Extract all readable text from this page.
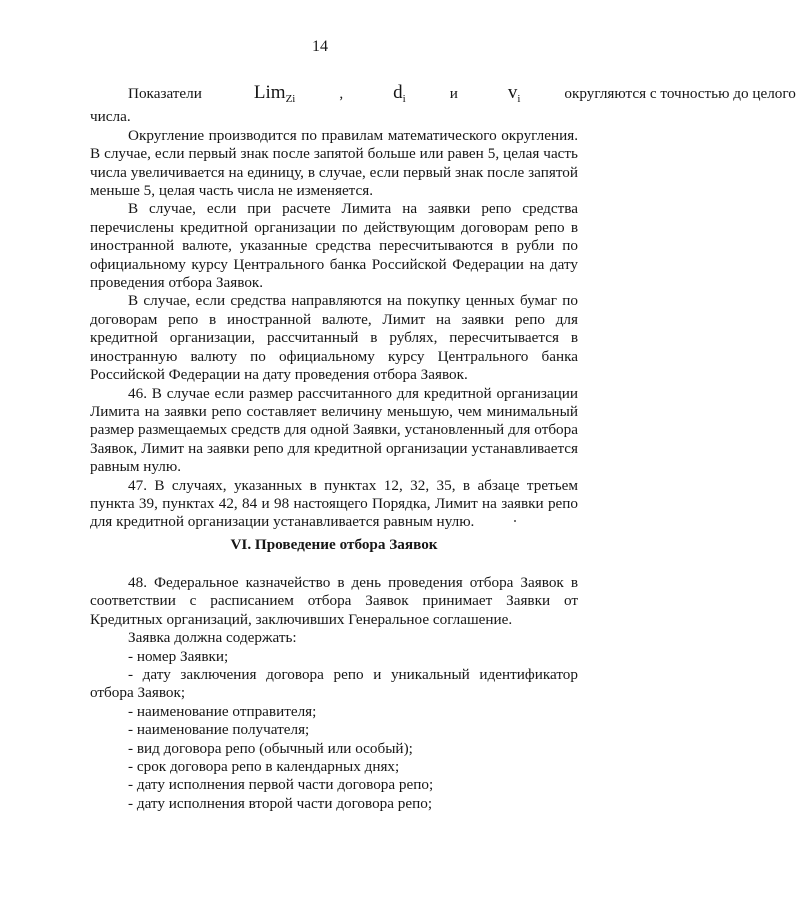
14

Показатели	Lim$_{Zi}$	,	$d_i$	и	$v_i$	округляются с точностью до целого

числа.

Округление производится по правилам математического округления. В случае, если первый знак после запятой больше или равен 5, целая часть числа увеличивается на единицу, в случае, если первый знак после запятой меньше 5, целая часть числа не изменяется.

В случае, если при расчете Лимита на заявки репо средства перечислены кредитной организации по действующим договорам репо в иностранной валюте, указанные средства пересчитываются в рубли по официальному курсу Центрального банка Российской Федерации на дату проведения отбора Заявок.

В случае, если средства направляются на покупку ценных бумаг по договорам репо в иностранной валюте, Лимит на заявки репо для кредитной организации, рассчитанный в рублях, пересчитывается в иностранную валюту по официальному курсу Центрального банка Российской Федерации на дату проведения отбора Заявок.

46. В случае если размер рассчитанного для кредитной организации Лимита на заявки репо составляет величину меньшую, чем минимальный размер размещаемых средств для одной Заявки, установленный для отбора Заявок, Лимит на заявки репо для кредитной организации устанавливается равным нулю.

47. В случаях, указанных в пунктах 12, 32, 35, в абзаце третьем пункта 39, пунктах 42, 84 и 98 настоящего Порядка, Лимит на заявки репо для кредитной организации устанавливается равным нулю.

VI. Проведение отбора Заявок

48. Федеральное казначейство в день проведения отбора Заявок в соответствии с расписанием отбора Заявок принимает Заявки от Кредитных организаций, заключивших Генеральное соглашение.

Заявка должна содержать:

- номер Заявки;

- дату заключения договора репо и уникальный идентификатор отбора Заявок;

- наименование отправителя;

- наименование получателя;

- вид договора репо (обычный или особый);

- срок договора репо в календарных днях;

- дату исполнения первой части договора репо;

- дату исполнения второй части договора репо;
